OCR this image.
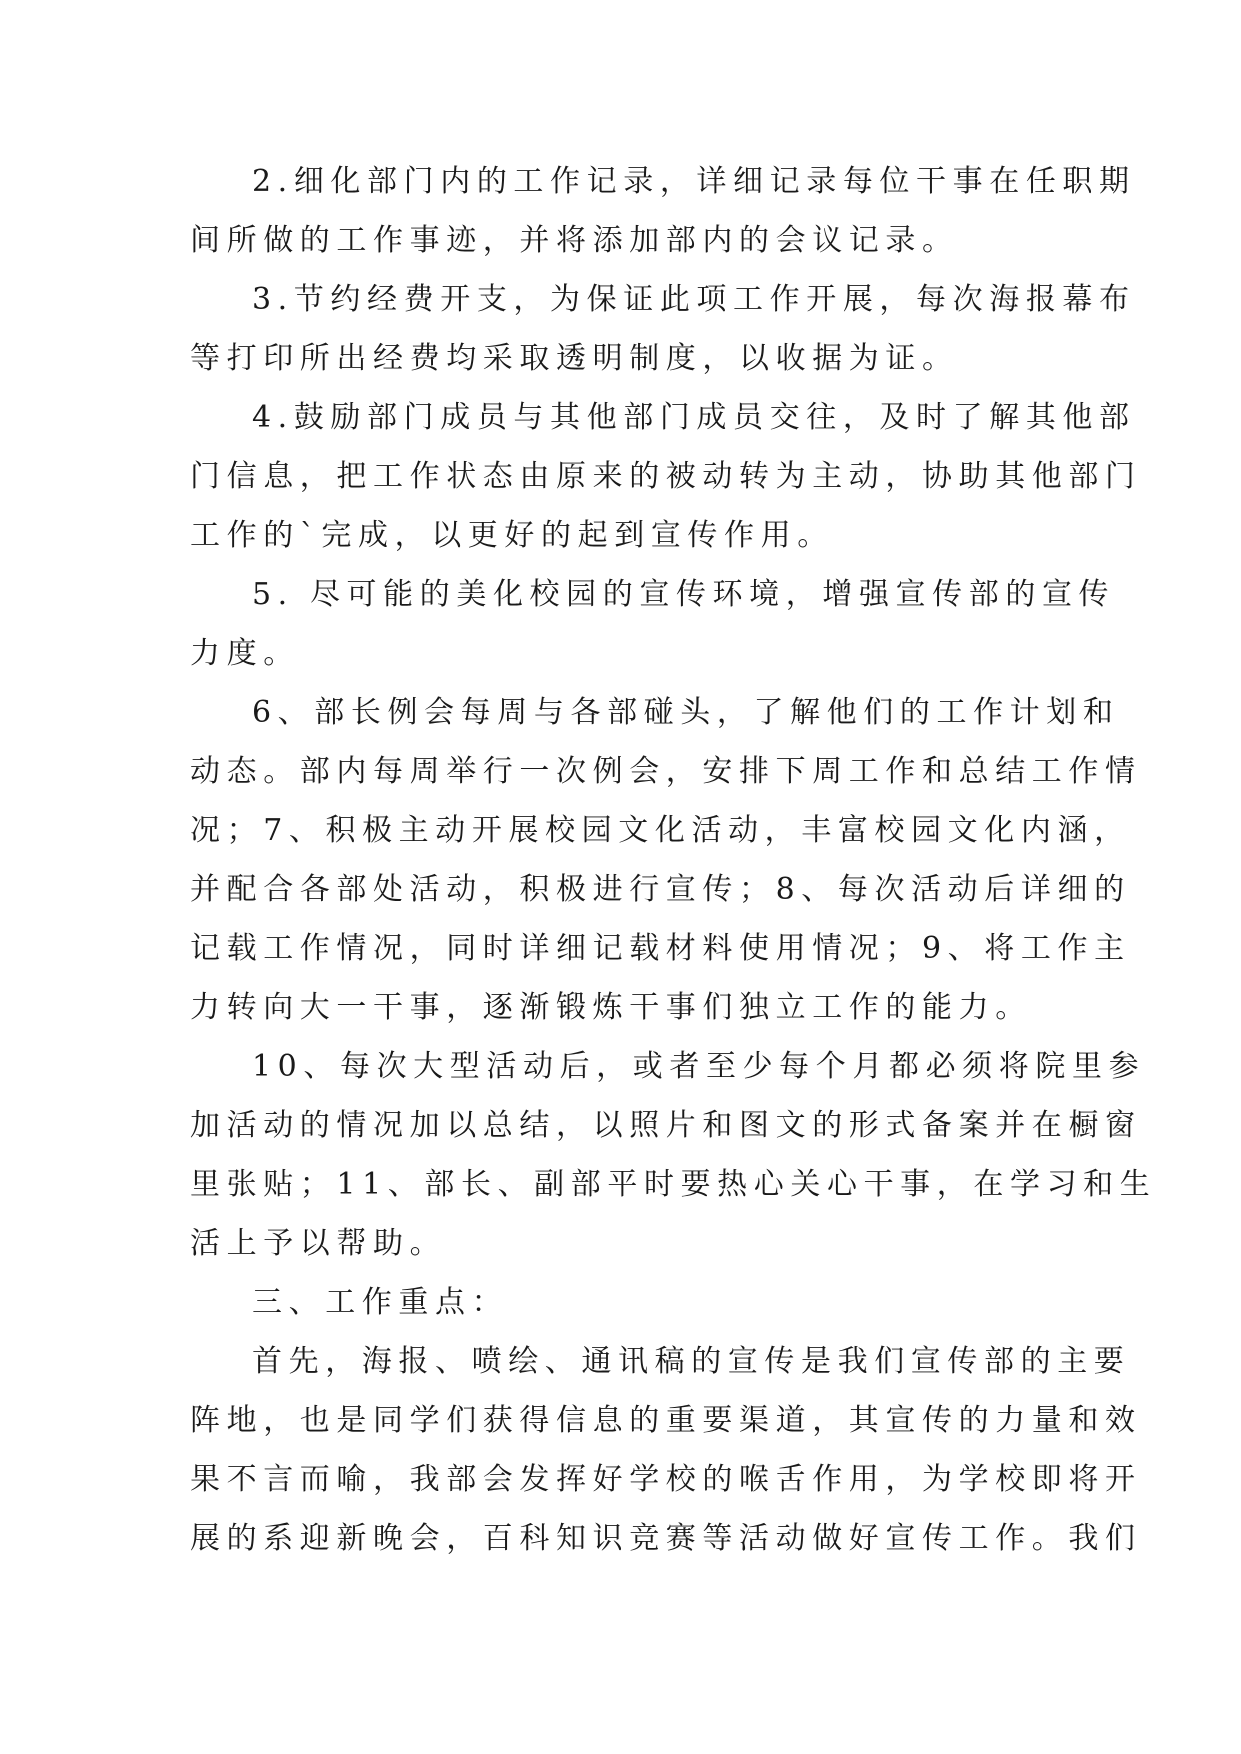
2.细化部门内的工作记录，详细记录每位干事在任职期
间所做的工作事迹，并将添加部内的会议记录。
3.节约经费开支，为保证此项工作开展，每次海报幕布
等打印所出经费均采取透明制度，以收据为证。
4.鼓励部门成员与其他部门成员交往，及时了解其他部
门信息，把工作状态由原来的被动转为主动，协助其他部门
工作的`完成，以更好的起到宣传作用。
5. 尽可能的美化校园的宣传环境，增强宣传部的宣传
力度。
6、部长例会每周与各部碰头，了解他们的工作计划和
动态。部内每周举行一次例会，安排下周工作和总结工作情
况；7、积极主动开展校园文化活动，丰富校园文化内涵，
并配合各部处活动，积极进行宣传；8、每次活动后详细的
记载工作情况，同时详细记载材料使用情况；9、将工作主
力转向大一干事，逐渐锻炼干事们独立工作的能力。
10、每次大型活动后，或者至少每个月都必须将院里参
加活动的情况加以总结，以照片和图文的形式备案并在橱窗
里张贴；11、部长、副部平时要热心关心干事，在学习和生
活上予以帮助。
三、工作重点：
首先，海报、喷绘、通讯稿的宣传是我们宣传部的主要
阵地，也是同学们获得信息的重要渠道，其宣传的力量和效
果不言而喻，我部会发挥好学校的喉舌作用，为学校即将开
展的系迎新晚会，百科知识竞赛等活动做好宣传工作。我们
